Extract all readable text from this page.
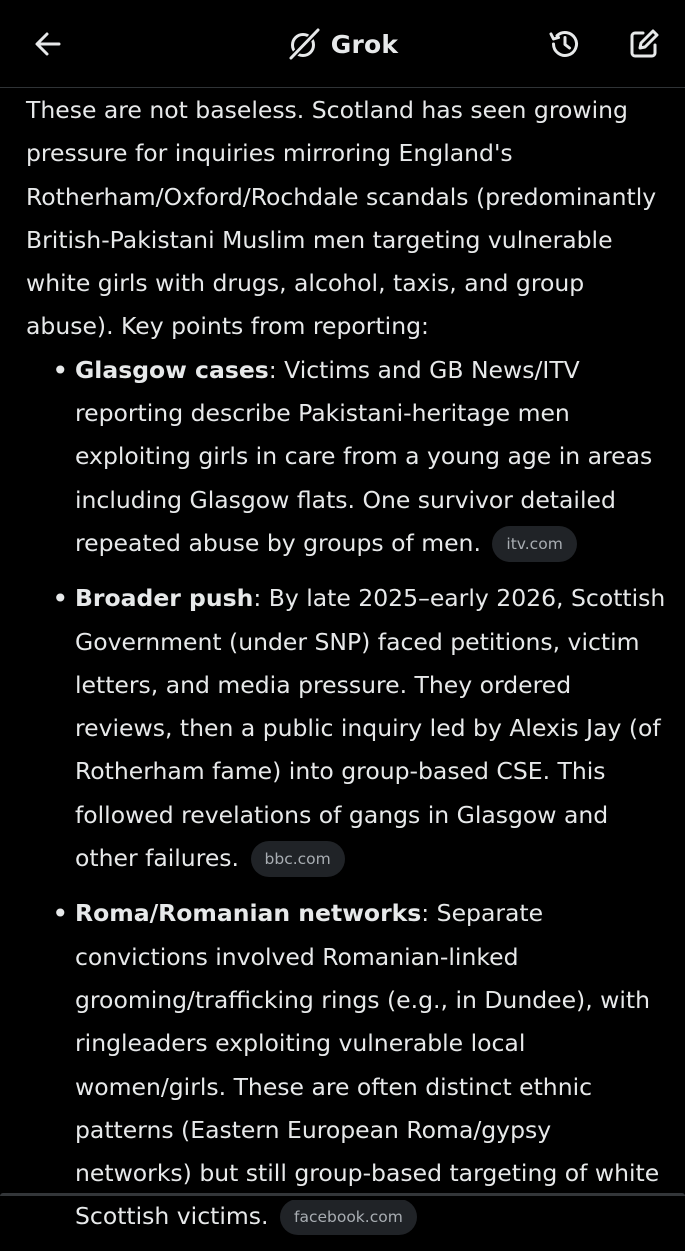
Grok

These are not baseless. Scotland has seen growing pressure for inquiries mirroring England's Rotherham/Oxford/Rochdale scandals (predominantly British-Pakistani Muslim men targeting vulnerable white girls with drugs, alcohol, taxis, and group abuse). Key points from reporting:

• Glasgow cases: Victims and GB News/ITV reporting describe Pakistani-heritage men exploiting girls in care from a young age in areas including Glasgow flats. One survivor detailed repeated abuse by groups of men. itv.com
• Broader push: By late 2025–early 2026, Scottish Government (under SNP) faced petitions, victim letters, and media pressure. They ordered reviews, then a public inquiry led by Alexis Jay (of Rotherham fame) into group-based CSE. This followed revelations of gangs in Glasgow and other failures. bbc.com
• Roma/Romanian networks: Separate convictions involved Romanian-linked grooming/trafficking rings (e.g., in Dundee), with ringleaders exploiting vulnerable local women/girls. These are often distinct ethnic patterns (Eastern European Roma/gypsy networks) but still group-based targeting of white Scottish victims. facebook.com
